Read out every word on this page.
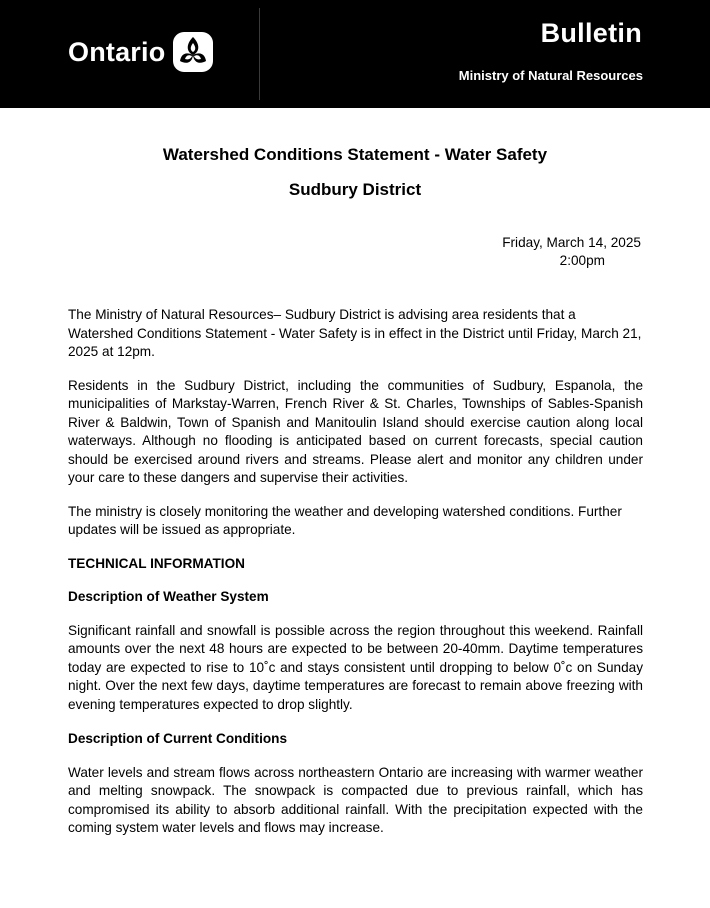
Ontario
Bulletin
Ministry of Natural Resources
Watershed Conditions Statement - Water Safety
Sudbury District
Friday, March 14, 2025
2:00pm

The Ministry of Natural Resources– Sudbury District is advising area residents that a Watershed Conditions Statement - Water Safety is in effect in the District until Friday, March 21, 2025 at 12pm.

Residents in the Sudbury District, including the communities of Sudbury, Espanola, the municipalities of Markstay-Warren, French River & St. Charles, Townships of Sables-Spanish River & Baldwin, Town of Spanish and Manitoulin Island should exercise caution along local waterways. Although no flooding is anticipated based on current forecasts, special caution should be exercised around rivers and streams. Please alert and monitor any children under your care to these dangers and supervise their activities.

The ministry is closely monitoring the weather and developing watershed conditions. Further updates will be issued as appropriate.

TECHNICAL INFORMATION

Description of Weather System

Significant rainfall and snowfall is possible across the region throughout this weekend. Rainfall amounts over the next 48 hours are expected to be between 20-40mm. Daytime temperatures today are expected to rise to 10˚c and stays consistent until dropping to below 0˚c on Sunday night. Over the next few days, daytime temperatures are forecast to remain above freezing with evening temperatures expected to drop slightly.

Description of Current Conditions

Water levels and stream flows across northeastern Ontario are increasing with warmer weather and melting snowpack. The snowpack is compacted due to previous rainfall, which has compromised its ability to absorb additional rainfall. With the precipitation expected with the coming system water levels and flows may increase.
